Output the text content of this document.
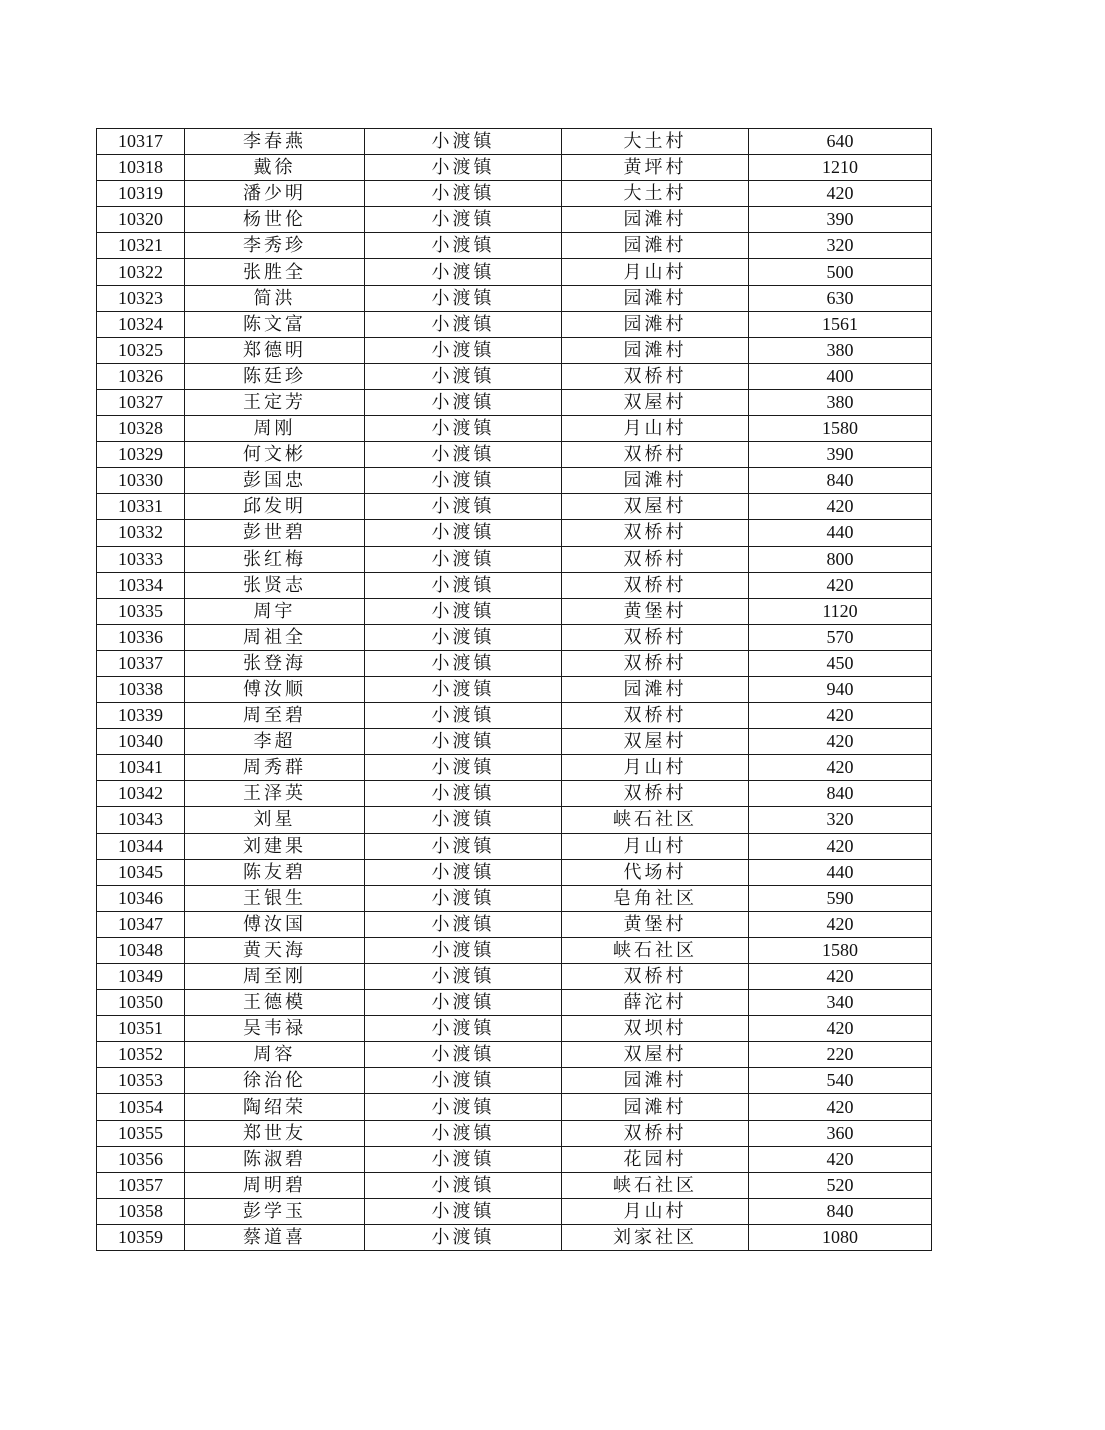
10317	李春燕	小渡镇	大土村	640
10318	戴徐	小渡镇	黄坪村	1210
10319	潘少明	小渡镇	大土村	420
10320	杨世伦	小渡镇	园滩村	390
10321	李秀珍	小渡镇	园滩村	320
10322	张胜全	小渡镇	月山村	500
10323	简洪	小渡镇	园滩村	630
10324	陈文富	小渡镇	园滩村	1561
10325	郑德明	小渡镇	园滩村	380
10326	陈廷珍	小渡镇	双桥村	400
10327	王定芳	小渡镇	双屋村	380
10328	周刚	小渡镇	月山村	1580
10329	何文彬	小渡镇	双桥村	390
10330	彭国忠	小渡镇	园滩村	840
10331	邱发明	小渡镇	双屋村	420
10332	彭世碧	小渡镇	双桥村	440
10333	张红梅	小渡镇	双桥村	800
10334	张贤志	小渡镇	双桥村	420
10335	周宇	小渡镇	黄堡村	1120
10336	周祖全	小渡镇	双桥村	570
10337	张登海	小渡镇	双桥村	450
10338	傅汝顺	小渡镇	园滩村	940
10339	周至碧	小渡镇	双桥村	420
10340	李超	小渡镇	双屋村	420
10341	周秀群	小渡镇	月山村	420
10342	王泽英	小渡镇	双桥村	840
10343	刘星	小渡镇	峡石社区	320
10344	刘建果	小渡镇	月山村	420
10345	陈友碧	小渡镇	代场村	440
10346	王银生	小渡镇	皂角社区	590
10347	傅汝国	小渡镇	黄堡村	420
10348	黄天海	小渡镇	峡石社区	1580
10349	周至刚	小渡镇	双桥村	420
10350	王德模	小渡镇	薛沱村	340
10351	吴韦禄	小渡镇	双坝村	420
10352	周容	小渡镇	双屋村	220
10353	徐治伦	小渡镇	园滩村	540
10354	陶绍荣	小渡镇	园滩村	420
10355	郑世友	小渡镇	双桥村	360
10356	陈淑碧	小渡镇	花园村	420
10357	周明碧	小渡镇	峡石社区	520
10358	彭学玉	小渡镇	月山村	840
10359	蔡道喜	小渡镇	刘家社区	1080
